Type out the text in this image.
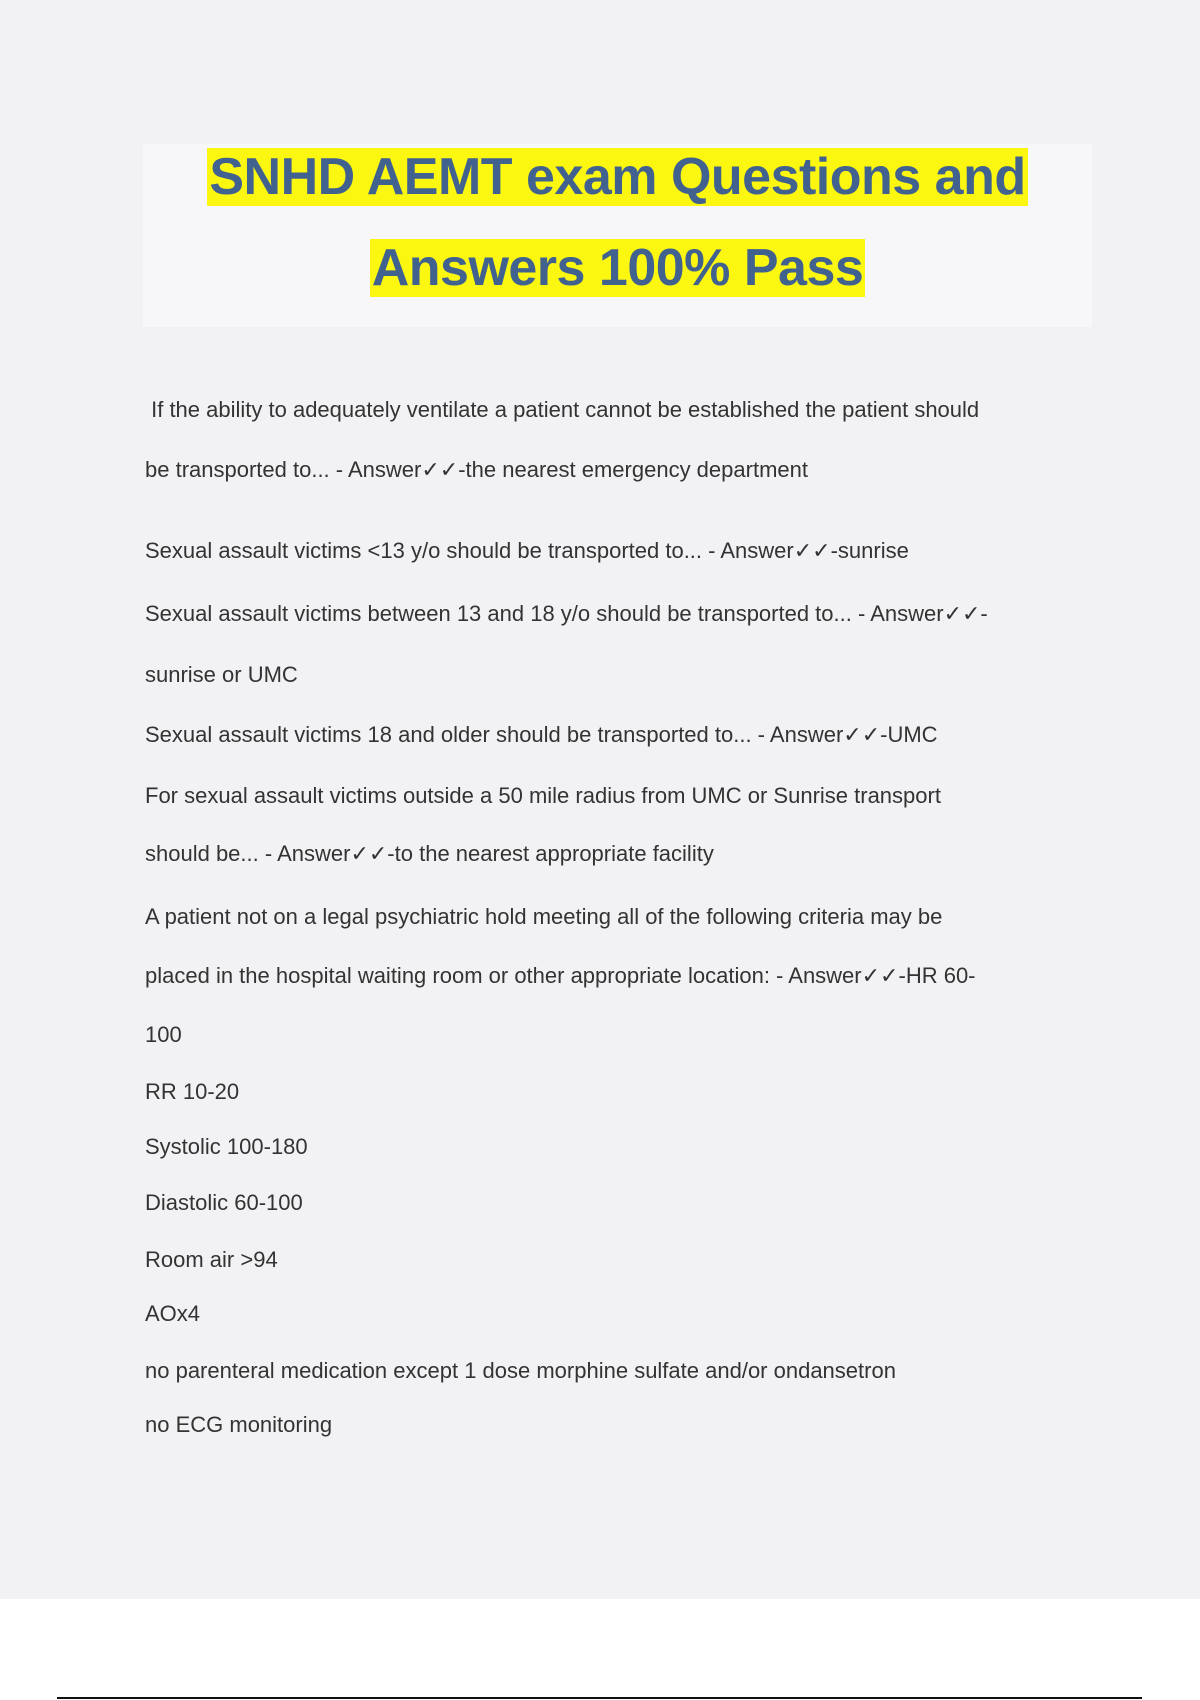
SNHD AEMT exam Questions and
Answers 100% Pass
If the ability to adequately ventilate a patient cannot be established the patient should
be transported to... - Answer✓✓-the nearest emergency department
Sexual assault victims <13 y/o should be transported to... - Answer✓✓-sunrise
Sexual assault victims between 13 and 18 y/o should be transported to... - Answer✓✓-
sunrise or UMC
Sexual assault victims 18 and older should be transported to... - Answer✓✓-UMC
For sexual assault victims outside a 50 mile radius from UMC or Sunrise transport
should be... - Answer✓✓-to the nearest appropriate facility
A patient not on a legal psychiatric hold meeting all of the following criteria may be
placed in the hospital waiting room or other appropriate location: - Answer✓✓-HR 60-
100
RR 10-20
Systolic 100-180
Diastolic 60-100
Room air >94
AOx4
no parenteral medication except 1 dose morphine sulfate and/or ondansetron
no ECG monitoring
